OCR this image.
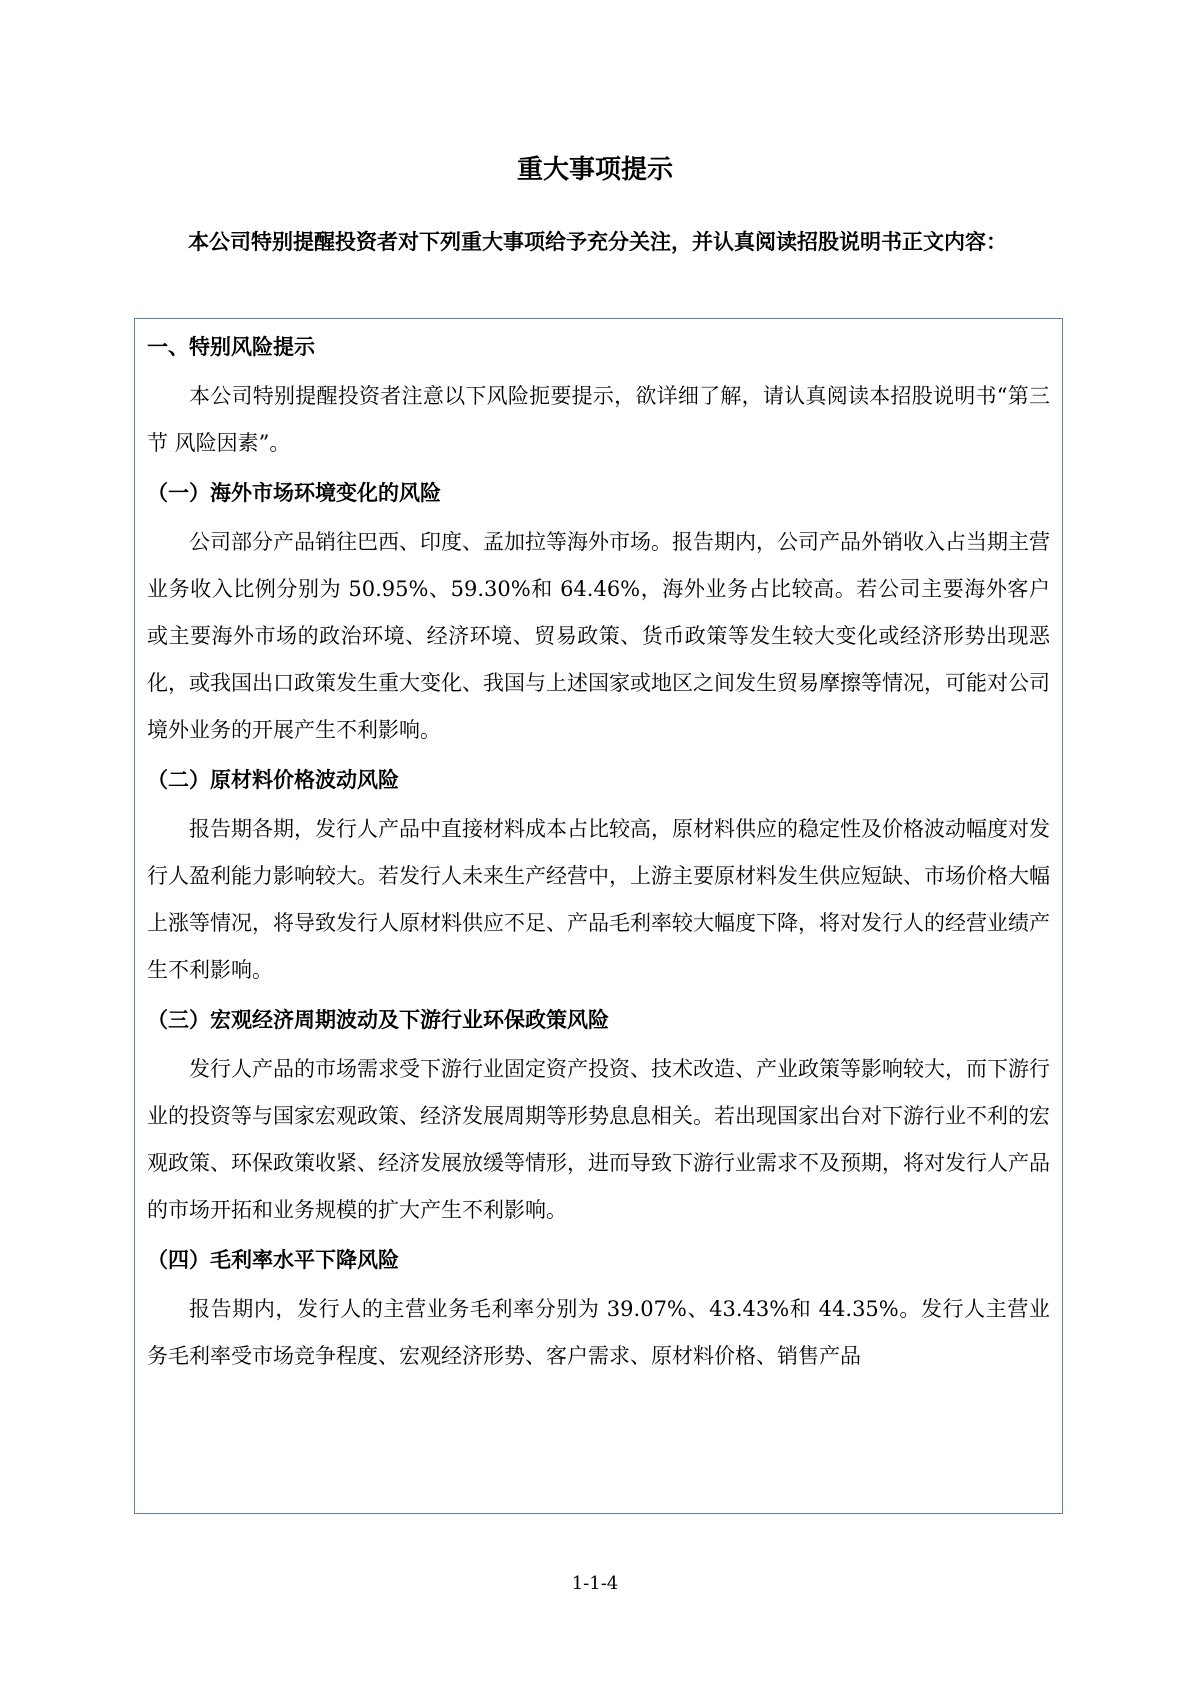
重大事项提示

本公司特别提醒投资者对下列重大事项给予充分关注，并认真阅读招股说明书正文内容：

一、特别风险提示

本公司特别提醒投资者注意以下风险扼要提示，欲详细了解，请认真阅读本招股说明书“第三节 风险因素”。

（一）海外市场环境变化的风险

公司部分产品销往巴西、印度、孟加拉等海外市场。报告期内，公司产品外销收入占当期主营业务收入比例分别为 50.95%、59.30%和 64.46%，海外业务占比较高。若公司主要海外客户或主要海外市场的政治环境、经济环境、贸易政策、货币政策等发生较大变化或经济形势出现恶化，或我国出口政策发生重大变化、我国与上述国家或地区之间发生贸易摩擦等情况，可能对公司境外业务的开展产生不利影响。

（二）原材料价格波动风险

报告期各期，发行人产品中直接材料成本占比较高，原材料供应的稳定性及价格波动幅度对发行人盈利能力影响较大。若发行人未来生产经营中，上游主要原材料发生供应短缺、市场价格大幅上涨等情况，将导致发行人原材料供应不足、产品毛利率较大幅度下降，将对发行人的经营业绩产生不利影响。

（三）宏观经济周期波动及下游行业环保政策风险

发行人产品的市场需求受下游行业固定资产投资、技术改造、产业政策等影响较大，而下游行业的投资等与国家宏观政策、经济发展周期等形势息息相关。若出现国家出台对下游行业不利的宏观政策、环保政策收紧、经济发展放缓等情形，进而导致下游行业需求不及预期，将对发行人产品的市场开拓和业务规模的扩大产生不利影响。

（四）毛利率水平下降风险

报告期内，发行人的主营业务毛利率分别为 39.07%、43.43%和 44.35%。发行人主营业务毛利率受市场竞争程度、宏观经济形势、客户需求、原材料价格、销售产品

1-1-4
